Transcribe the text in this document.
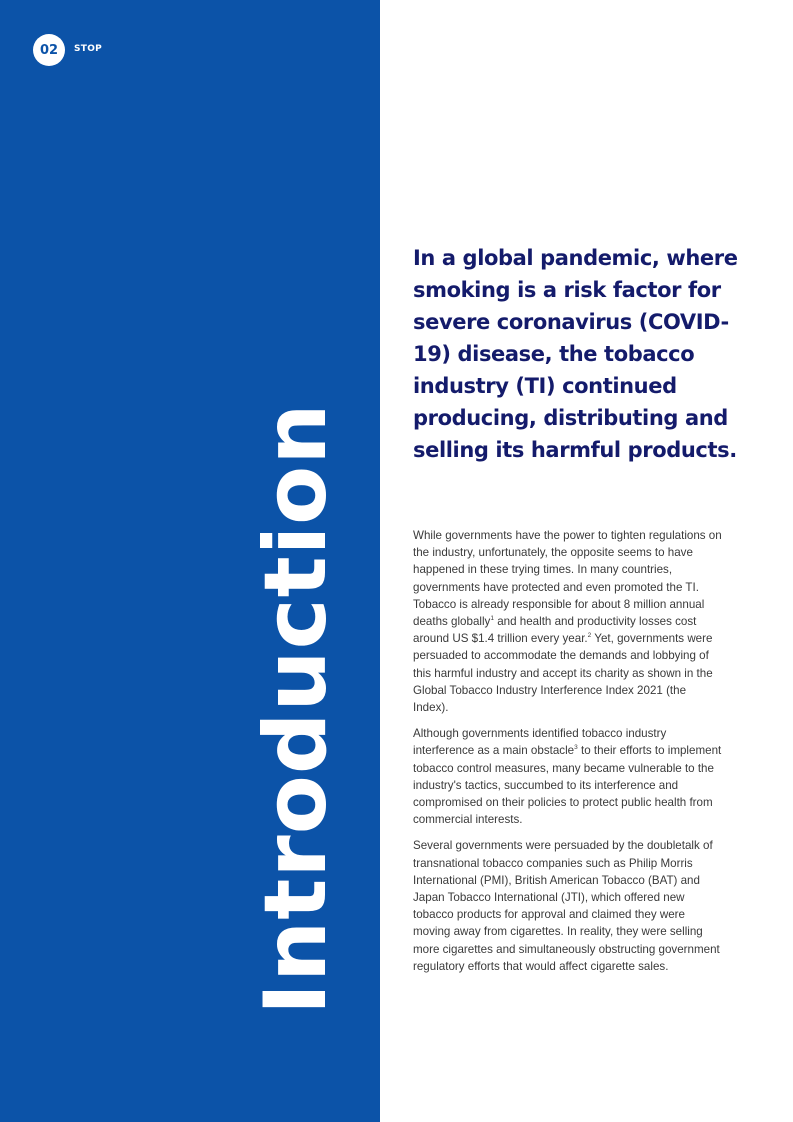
02	STOP
Introduction
In a global pandemic, where smoking is a risk factor for severe coronavirus (COVID-19) disease, the tobacco industry (TI) continued producing, distributing and selling its harmful products.

While governments have the power to tighten regulations on the industry, unfortunately, the opposite seems to have happened in these trying times. In many countries, governments have protected and even promoted the TI. Tobacco is already responsible for about 8 million annual deaths globally$^1$ and health and productivity losses cost around US $1.4 trillion every year.$^2$ Yet, governments were persuaded to accommodate the demands and lobbying of this harmful industry and accept its charity as shown in the Global Tobacco Industry Interference Index 2021 (the Index).

Although governments identified tobacco industry interference as a main obstacle$^3$ to their efforts to implement tobacco control measures, many became vulnerable to the industry's tactics, succumbed to its interference and compromised on their policies to protect public health from commercial interests.

Several governments were persuaded by the doubletalk of transnational tobacco companies such as Philip Morris International (PMI), British American Tobacco (BAT) and Japan Tobacco International (JTI), which offered new tobacco products for approval and claimed they were moving away from cigarettes. In reality, they were selling more cigarettes and simultaneously obstructing government regulatory efforts that would affect cigarette sales.
